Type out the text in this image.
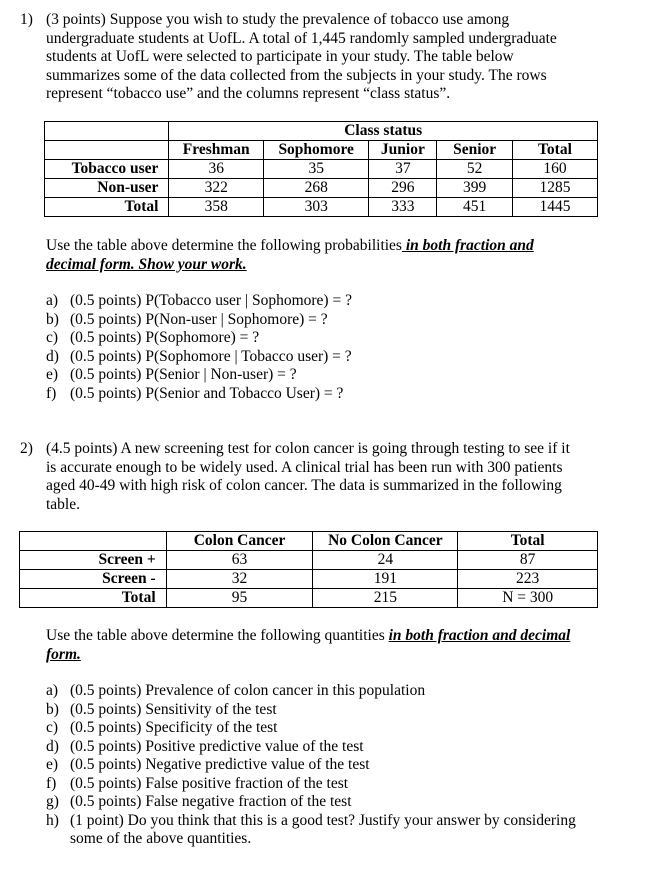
1) (3 points) Suppose you wish to study the prevalence of tobacco use among
undergraduate students at UofL. A total of 1,445 randomly sampled undergraduate
students at UofL were selected to participate in your study. The table below
summarizes some of the data collected from the subjects in your study. The rows
represent “tobacco use” and the columns represent “class status”.
	Class status				
	Freshman	Sophomore	Junior	Senior	Total
Tobacco user	36	35	37	52	160
Non-user	322	268	296	399	1285
Total	358	303	333	451	1445
Use the table above determine the following probabilities in both fraction and
decimal form. Show your work.
a) (0.5 points) P(Tobacco user | Sophomore) = ?
b) (0.5 points) P(Non-user | Sophomore) = ?
c) (0.5 points) P(Sophomore) = ?
d) (0.5 points) P(Sophomore | Tobacco user) = ?
e) (0.5 points) P(Senior | Non-user) = ?
f) (0.5 points) P(Senior and Tobacco User) = ?
2) (4.5 points) A new screening test for colon cancer is going through testing to see if it
is accurate enough to be widely used. A clinical trial has been run with 300 patients
aged 40-49 with high risk of colon cancer. The data is summarized in the following
table.
	Colon Cancer	No Colon Cancer	Total
Screen +	63	24	87
Screen -	32	191	223
Total	95	215	N = 300
Use the table above determine the following quantities in both fraction and decimal
form.
a) (0.5 points) Prevalence of colon cancer in this population
b) (0.5 points) Sensitivity of the test
c) (0.5 points) Specificity of the test
d) (0.5 points) Positive predictive value of the test
e) (0.5 points) Negative predictive value of the test
f) (0.5 points) False positive fraction of the test
g) (0.5 points) False negative fraction of the test
h) (1 point) Do you think that this is a good test? Justify your answer by considering
some of the above quantities.
